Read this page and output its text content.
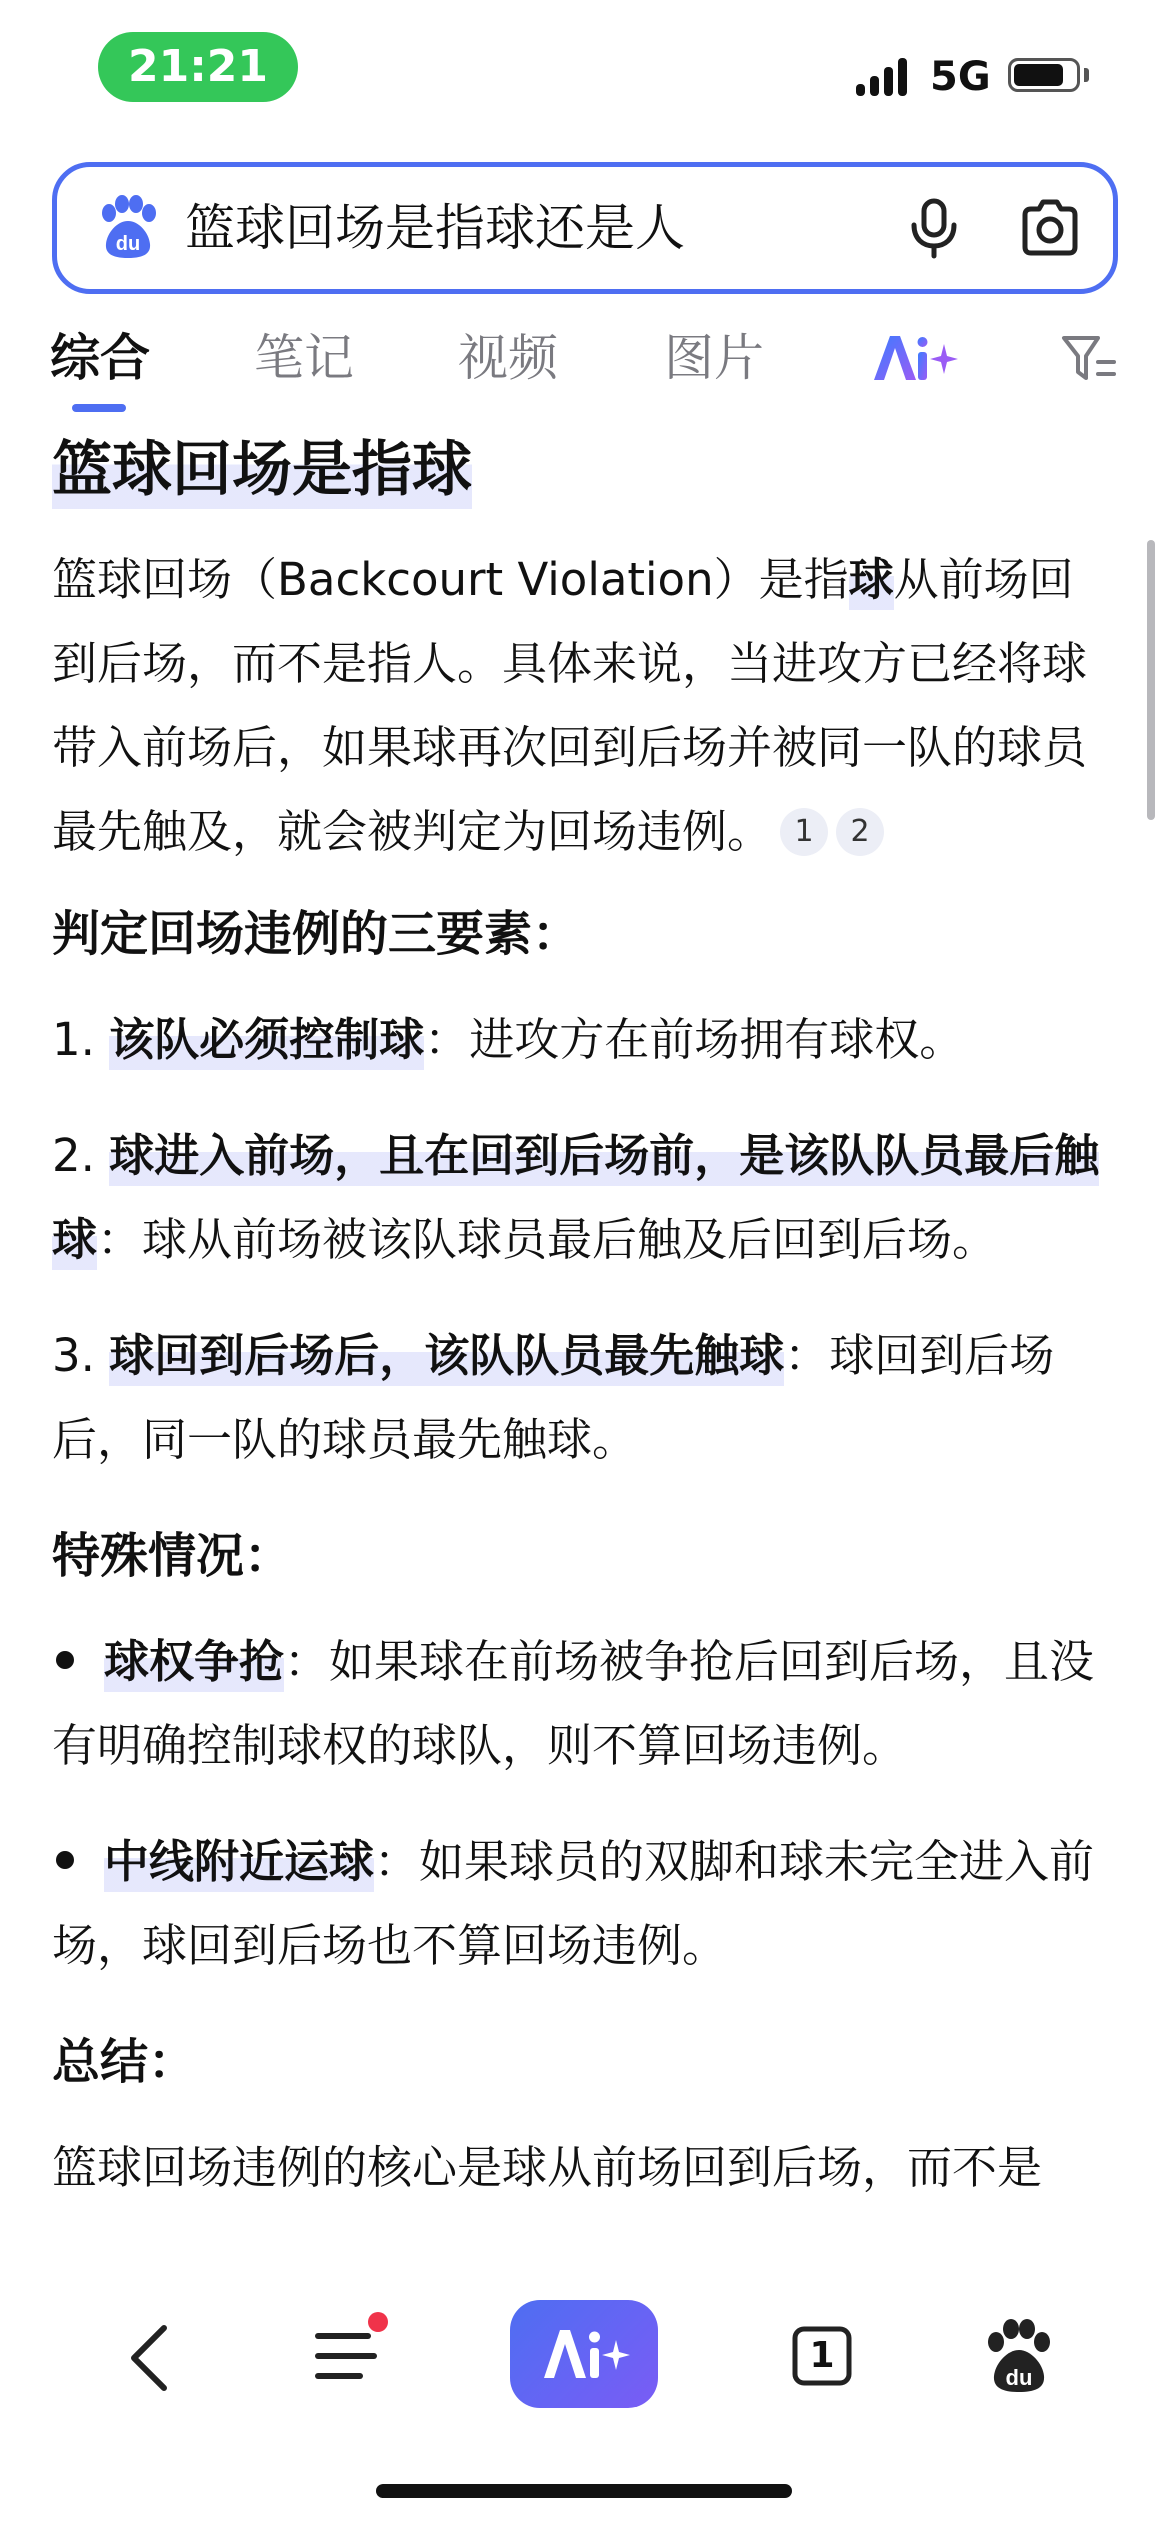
21:21	5G
du 篮球回场是指球还是人
综合 笔记 视频 图片
篮球回场是指球
篮球回场（Backcourt Violation）是指球从前场回到后场，而不是指人。具体来说，当进攻方已经将球带入前场后，如果球再次回到后场并被同一队的球员最先触及，就会被判定为回场违例。 1 2
判定回场违例的三要素：
1. 该队必须控制球：进攻方在前场拥有球权。
2. 球进入前场，且在回到后场前，是该队队员最后触球：球从前场被该队球员最后触及后回到后场。
3. 球回到后场后，该队队员最先触球：球回到后场后，同一队的球员最先触球。
特殊情况：
球权争抢：如果球在前场被争抢后回到后场，且没有明确控制球权的球队，则不算回场违例。
中线附近运球：如果球员的双脚和球未完全进入前场，球回到后场也不算回场违例。
总结：
篮球回场违例的核心是球从前场回到后场，而不是
1
du
